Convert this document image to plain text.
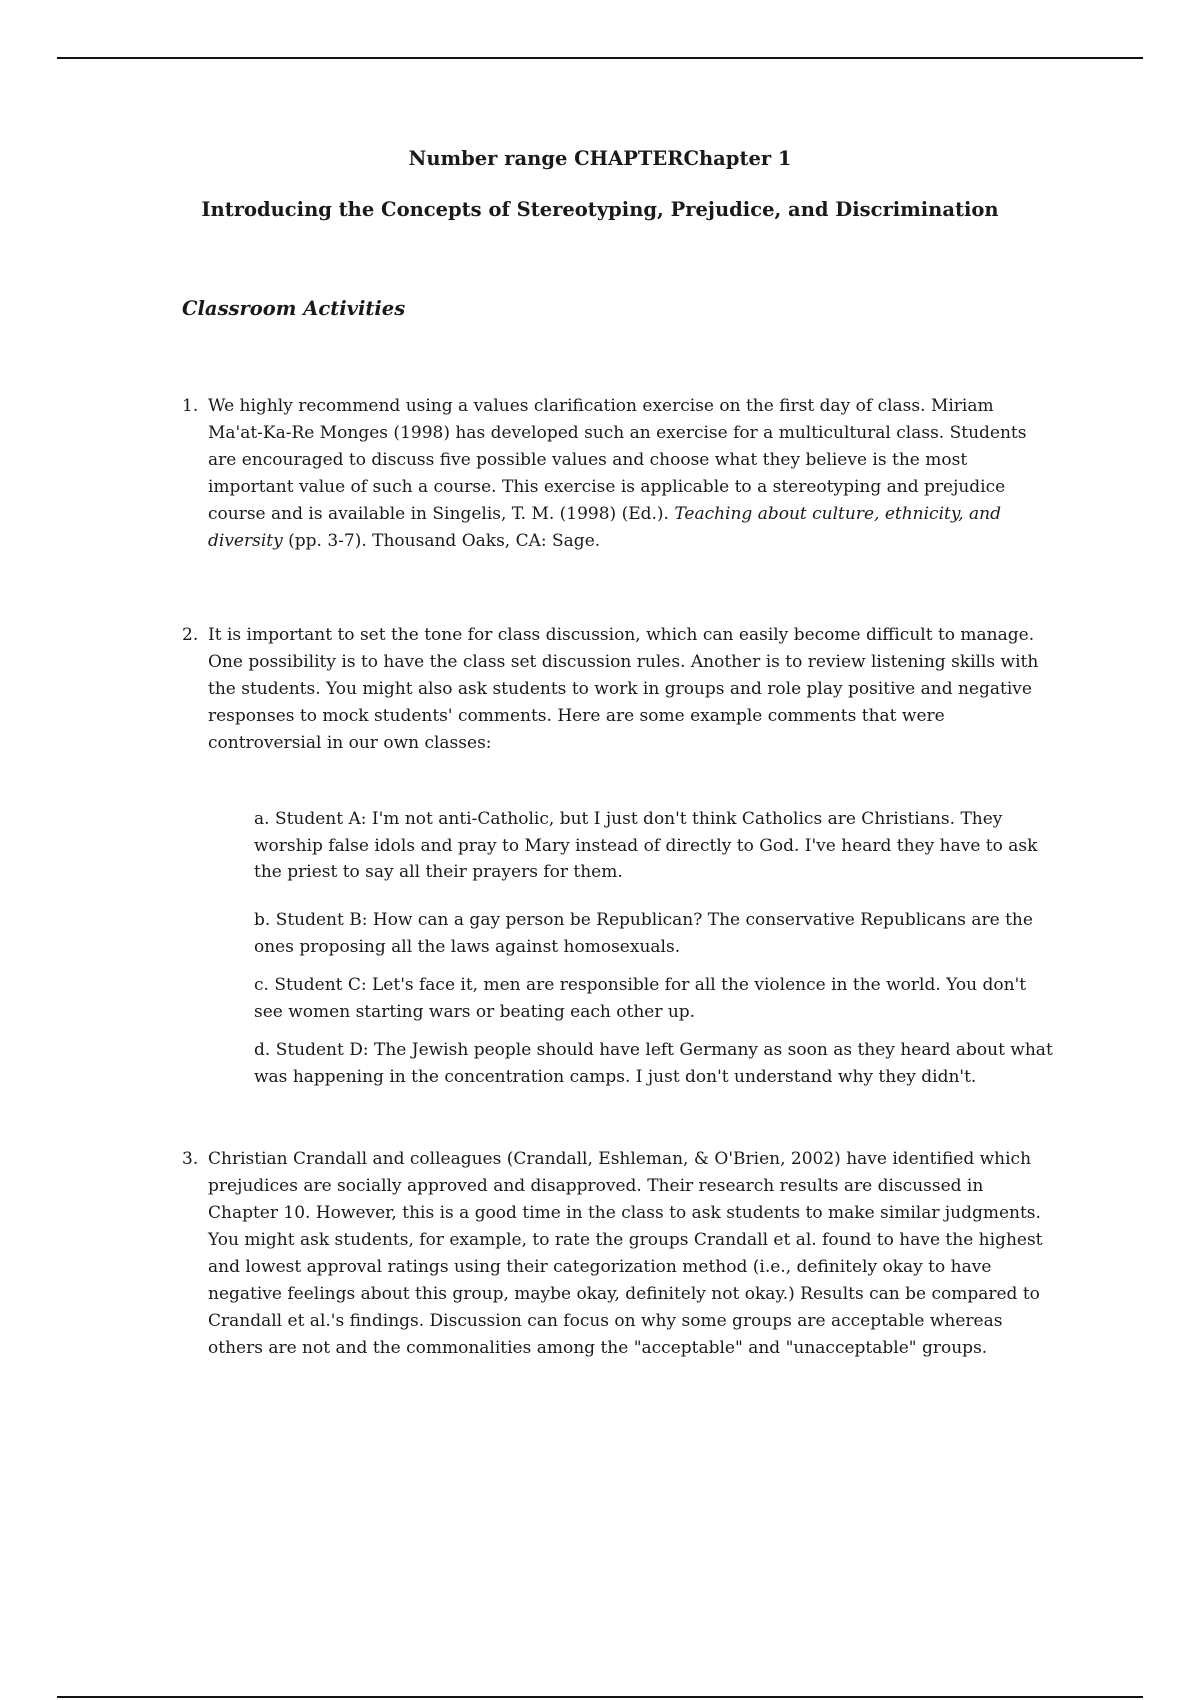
Number range CHAPTERChapter 1
Introducing the Concepts of Stereotyping, Prejudice, and Discrimination
Classroom Activities
1. We highly recommend using a values clarification exercise on the first day of class. Miriam Ma'at-Ka-Re Monges (1998) has developed such an exercise for a multicultural class. Students are encouraged to discuss five possible values and choose what they believe is the most important value of such a course. This exercise is applicable to a stereotyping and prejudice course and is available in Singelis, T. M. (1998) (Ed.). Teaching about culture, ethnicity, and diversity (pp. 3-7). Thousand Oaks, CA: Sage.
2. It is important to set the tone for class discussion, which can easily become difficult to manage. One possibility is to have the class set discussion rules. Another is to review listening skills with the students. You might also ask students to work in groups and role play positive and negative responses to mock students' comments. Here are some example comments that were controversial in our own classes:
a. Student A: I'm not anti-Catholic, but I just don't think Catholics are Christians. They worship false idols and pray to Mary instead of directly to God. I've heard they have to ask the priest to say all their prayers for them.
b. Student B: How can a gay person be Republican? The conservative Republicans are the ones proposing all the laws against homosexuals.
c. Student C: Let's face it, men are responsible for all the violence in the world. You don't see women starting wars or beating each other up.
d. Student D: The Jewish people should have left Germany as soon as they heard about what was happening in the concentration camps. I just don't understand why they didn't.
3. Christian Crandall and colleagues (Crandall, Eshleman, & O'Brien, 2002) have identified which prejudices are socially approved and disapproved. Their research results are discussed in Chapter 10. However, this is a good time in the class to ask students to make similar judgments. You might ask students, for example, to rate the groups Crandall et al. found to have the highest and lowest approval ratings using their categorization method (i.e., definitely okay to have negative feelings about this group, maybe okay, definitely not okay.) Results can be compared to Crandall et al.'s findings. Discussion can focus on why some groups are acceptable whereas others are not and the commonalities among the "acceptable" and "unacceptable" groups.
